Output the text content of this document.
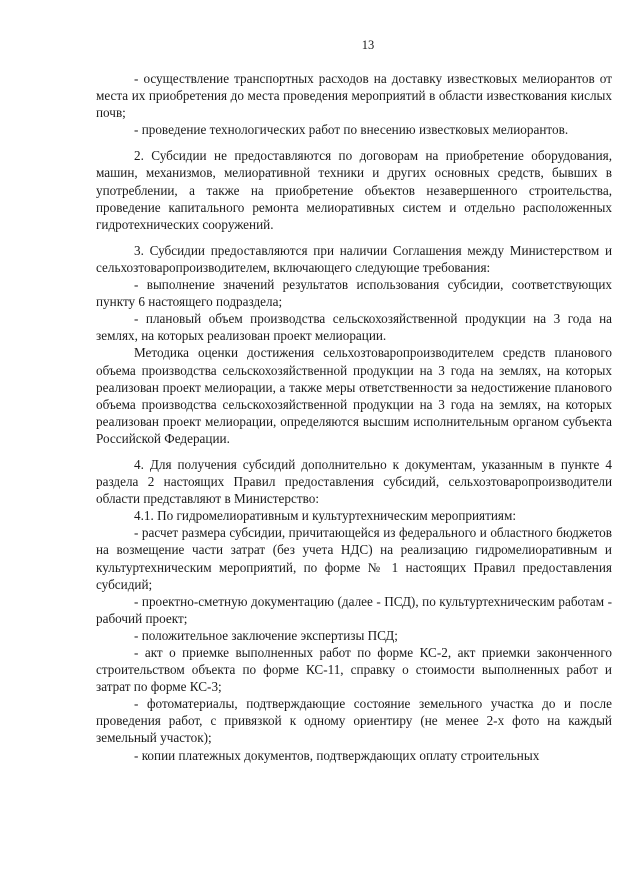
13

- осуществление транспортных расходов на доставку известковых мелиорантов от места их приобретения до места проведения мероприятий в области известкования кислых почв;

- проведение технологических работ по внесению известковых мелиорантов.

2. Субсидии не предоставляются по договорам на приобретение оборудования, машин, механизмов, мелиоративной техники и других основных средств, бывших в употреблении, а также на приобретение объектов незавершенного строительства, проведение капитального ремонта мелиоративных систем и отдельно расположенных гидротехнических сооружений.

3. Субсидии предоставляются при наличии Соглашения между Министерством и сельхозтоваропроизводителем, включающего следующие требования:

- выполнение значений результатов использования субсидии, соответствующих пункту 6 настоящего подраздела;

- плановый объем производства сельскохозяйственной продукции на 3 года на землях, на которых реализован проект мелиорации.

Методика оценки достижения сельхозтоваропроизводителем средств планового объема производства сельскохозяйственной продукции на 3 года на землях, на которых реализован проект мелиорации, а также меры ответственности за недостижение планового объема производства сельскохозяйственной продукции на 3 года на землях, на которых реализован проект мелиорации, определяются высшим исполнительным органом субъекта Российской Федерации.

4. Для получения субсидий дополнительно к документам, указанным в пункте 4 раздела 2 настоящих Правил предоставления субсидий, сельхозтоваропроизводители области представляют в Министерство:

4.1. По гидромелиоративным и культуртехническим мероприятиям:

- расчет размера субсидии, причитающейся из федерального и областного бюджетов на возмещение части затрат (без учета НДС) на реализацию гидромелиоративным и культуртехническим мероприятий, по форме № 1 настоящих Правил предоставления субсидий;

- проектно-сметную документацию (далее - ПСД), по культуртехническим работам - рабочий проект;

- положительное заключение экспертизы ПСД;

- акт о приемке выполненных работ по форме КС-2, акт приемки законченного строительством объекта по форме КС-11, справку о стоимости выполненных работ и затрат по форме КС-3;

- фотоматериалы, подтверждающие состояние земельного участка до и после проведения работ, с привязкой к одному ориентиру (не менее 2-х фото на каждый земельный участок);

- копии платежных документов, подтверждающих оплату строительных
